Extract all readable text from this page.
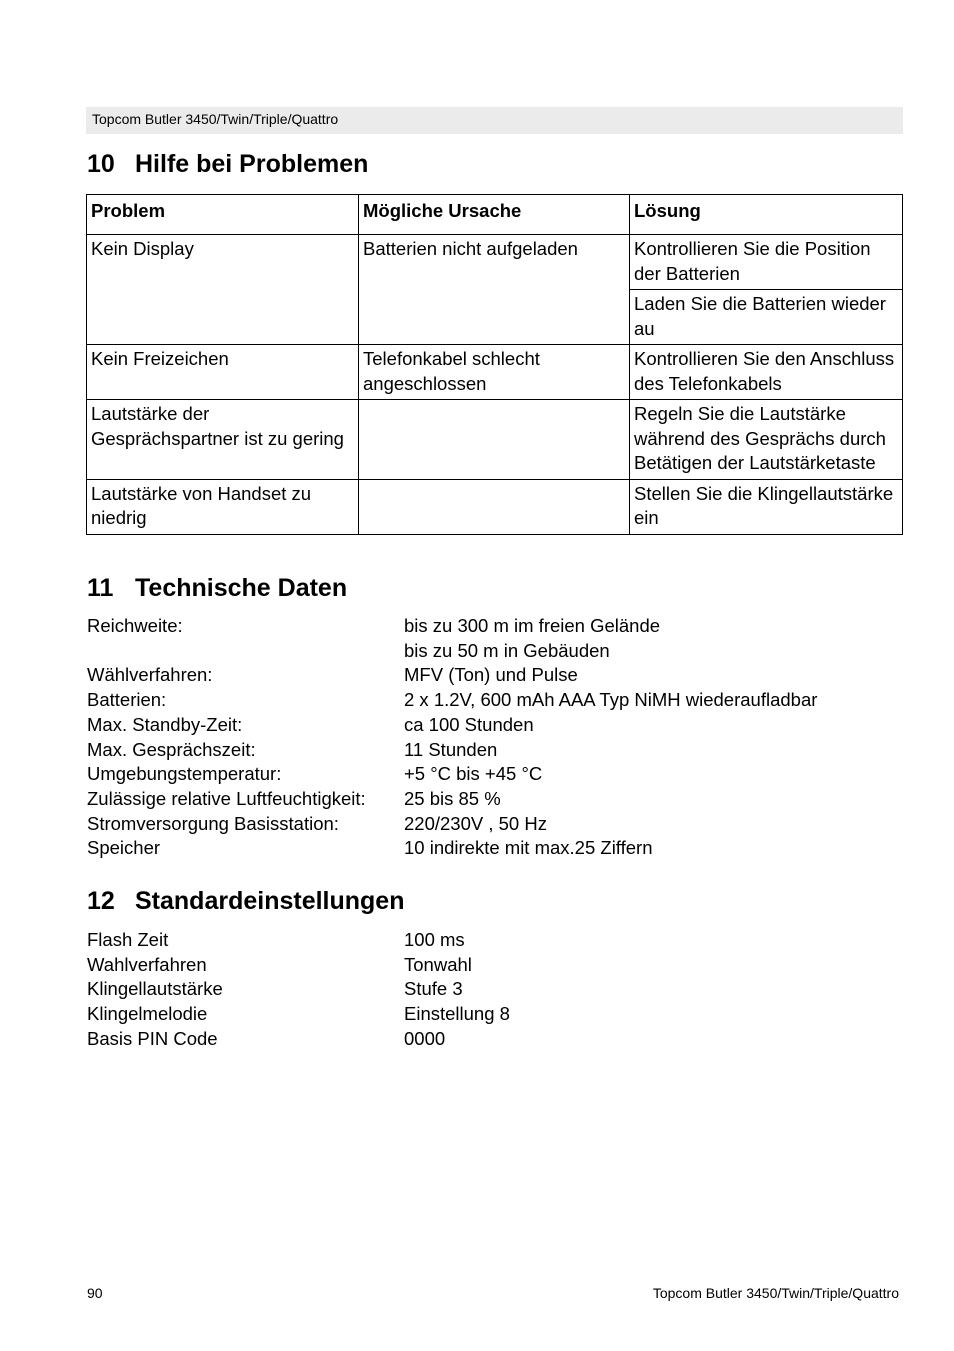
Topcom Butler 3450/Twin/Triple/Quattro
10 Hilfe bei Problemen
Problem	Mögliche Ursache	Lösung
Kein Display	Batterien nicht aufgeladen	Kontrollieren Sie die Position der Batterien
		Laden Sie die Batterien wieder au
Kein Freizeichen	Telefonkabel schlecht angeschlossen	Kontrollieren Sie den Anschluss des Telefonkabels
Lautstärke der Gesprächspartner ist zu gering		Regeln Sie die Lautstärke während des Gesprächs durch Betätigen der Lautstärketaste
Lautstärke von Handset zu niedrig		Stellen Sie die Klingellautstärke ein
11 Technische Daten
Reichweite:	bis zu 300 m im freien Gelände
bis zu 50 m in Gebäuden
Wählverfahren:	MFV (Ton) und Pulse
Batterien:	2 x 1.2V, 600 mAh AAA Typ NiMH wiederaufladbar
Max. Standby-Zeit:	ca 100 Stunden
Max. Gesprächszeit:	11 Stunden
Umgebungstemperatur:	+5 °C bis +45 °C
Zulässige relative Luftfeuchtigkeit:	25 bis 85 %
Stromversorgung Basisstation:	220/230V , 50 Hz
Speicher	10 indirekte mit max.25 Ziffern
12 Standardeinstellungen
Flash Zeit	100 ms
Wahlverfahren	Tonwahl
Klingellautstärke	Stufe 3
Klingelmelodie	Einstellung 8
Basis PIN Code	0000
90	Topcom Butler 3450/Twin/Triple/Quattro
